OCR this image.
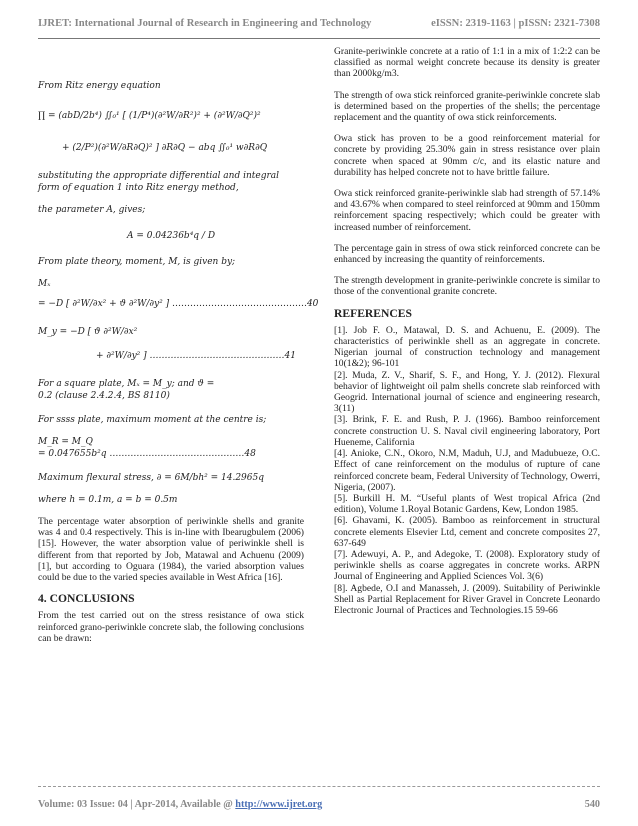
IJRET: International Journal of Research in Engineering and Technology	eISSN: 2319-1163 | pISSN: 2321-7308
From Ritz energy equation
∏ = (abD/2b⁴) ∬₀¹ [ (1/P⁴)(∂²W/∂R²)² + (∂²W/∂Q²)²
+ (2/P²)(∂²W/∂R∂Q)² ] ∂R∂Q − abq ∬₀¹ w∂R∂Q
substituting the appropriate differential and integral
form of equation 1 into Ritz energy method,
the parameter A, gives;
A = 0.04236b⁴q / D
From plate theory, moment, M, is given by;
Mₓ
= −D [ ∂²W/∂x² + ϑ ∂²W/∂y² ] ………………………………………40
M_y = −D [ ϑ ∂²W/∂x²
+ ∂²W/∂y² ] ………………………………………41
For a square plate, Mₓ = M_y; and ϑ =
0.2 (clause 2.4.2.4, BS 8110)
For ssss plate, maximum moment at the centre is;
M_R = M_Q
= 0.047655b²q ………………………………………48
Maximum flexural stress, ∂ = 6M/bh² = 14.2965q
where h = 0.1m, a = b = 0.5m

The percentage water absorption of periwinkle shells and granite was 4 and 0.4 respectively. This is in-line with Ibearugbulem (2006) [15]. However, the water absorption value of periwinkle shell is different from that reported by Job, Matawal and Achuenu (2009) [1], but according to Oguara (1984), the varied absorption values could be due to the varied species available in West Africa [16].

4. CONCLUSIONS

From the test carried out on the stress resistance of owa stick reinforced grano-periwinkle concrete slab, the following conclusions can be drawn:

Granite-periwinkle concrete at a ratio of 1:1 in a mix of 1:2:2 can be classified as normal weight concrete because its density is greater than 2000kg/m3.

The strength of owa stick reinforced granite-periwinkle concrete slab is determined based on the properties of the shells; the percentage replacement and the quantity of owa stick reinforcements.

Owa stick has proven to be a good reinforcement material for concrete by providing 25.30% gain in stress resistance over plain concrete when spaced at 90mm c/c, and its elastic nature and durability has helped concrete not to have brittle failure.

Owa stick reinforced granite-periwinkle slab had strength of 57.14% and 43.67% when compared to steel reinforced at 90mm and 150mm reinforcement spacing respectively; which could be greater with increased number of reinforcement.

The percentage gain in stress of owa stick reinforced concrete can be enhanced by increasing the quantity of reinforcements.

The strength development in granite-periwinkle concrete is similar to those of the conventional granite concrete.

REFERENCES

[1]. Job F. O., Matawal, D. S. and Achuenu, E. (2009). The characteristics of periwinkle shell as an aggregate in concrete. Nigerian journal of construction technology and management 10(1&2); 96-101

[2]. Muda, Z. V., Sharif, S. F., and Hong, Y. J. (2012). Flexural behavior of lightweight oil palm shells concrete slab reinforced with Geogrid. International journal of science and engineering research, 3(11)

[3]. Brink, F. E. and Rush, P. J. (1966). Bamboo reinforcement concrete construction U. S. Naval civil engineering laboratory, Port Hueneme, California

[4]. Anioke, C.N., Okoro, N.M, Maduh, U.J, and Madubueze, O.C. Effect of cane reinforcement on the modulus of rupture of cane reinforced concrete beam, Federal University of Technology, Owerri, Nigeria, (2007).

[5]. Burkill H. M. “Useful plants of West tropical Africa (2nd edition), Volume 1.Royal Botanic Gardens, Kew, London 1985.

[6]. Ghavami, K. (2005). Bamboo as reinforcement in structural concrete elements Elsevier Ltd, cement and concrete composites 27, 637-649

[7]. Adewuyi, A. P., and Adegoke, T. (2008). Exploratory study of periwinkle shells as coarse aggregates in concrete works. ARPN Journal of Engineering and Applied Sciences Vol. 3(6)

[8]. Agbede, O.I and Manasseh, J. (2009). Suitability of Periwinkle Shell as Partial Replacement for River Gravel in Concrete Leonardo Electronic Journal of Practices and Technologies.15 59-66

Volume: 03 Issue: 04 | Apr-2014, Available @ http://www.ijret.org	540
